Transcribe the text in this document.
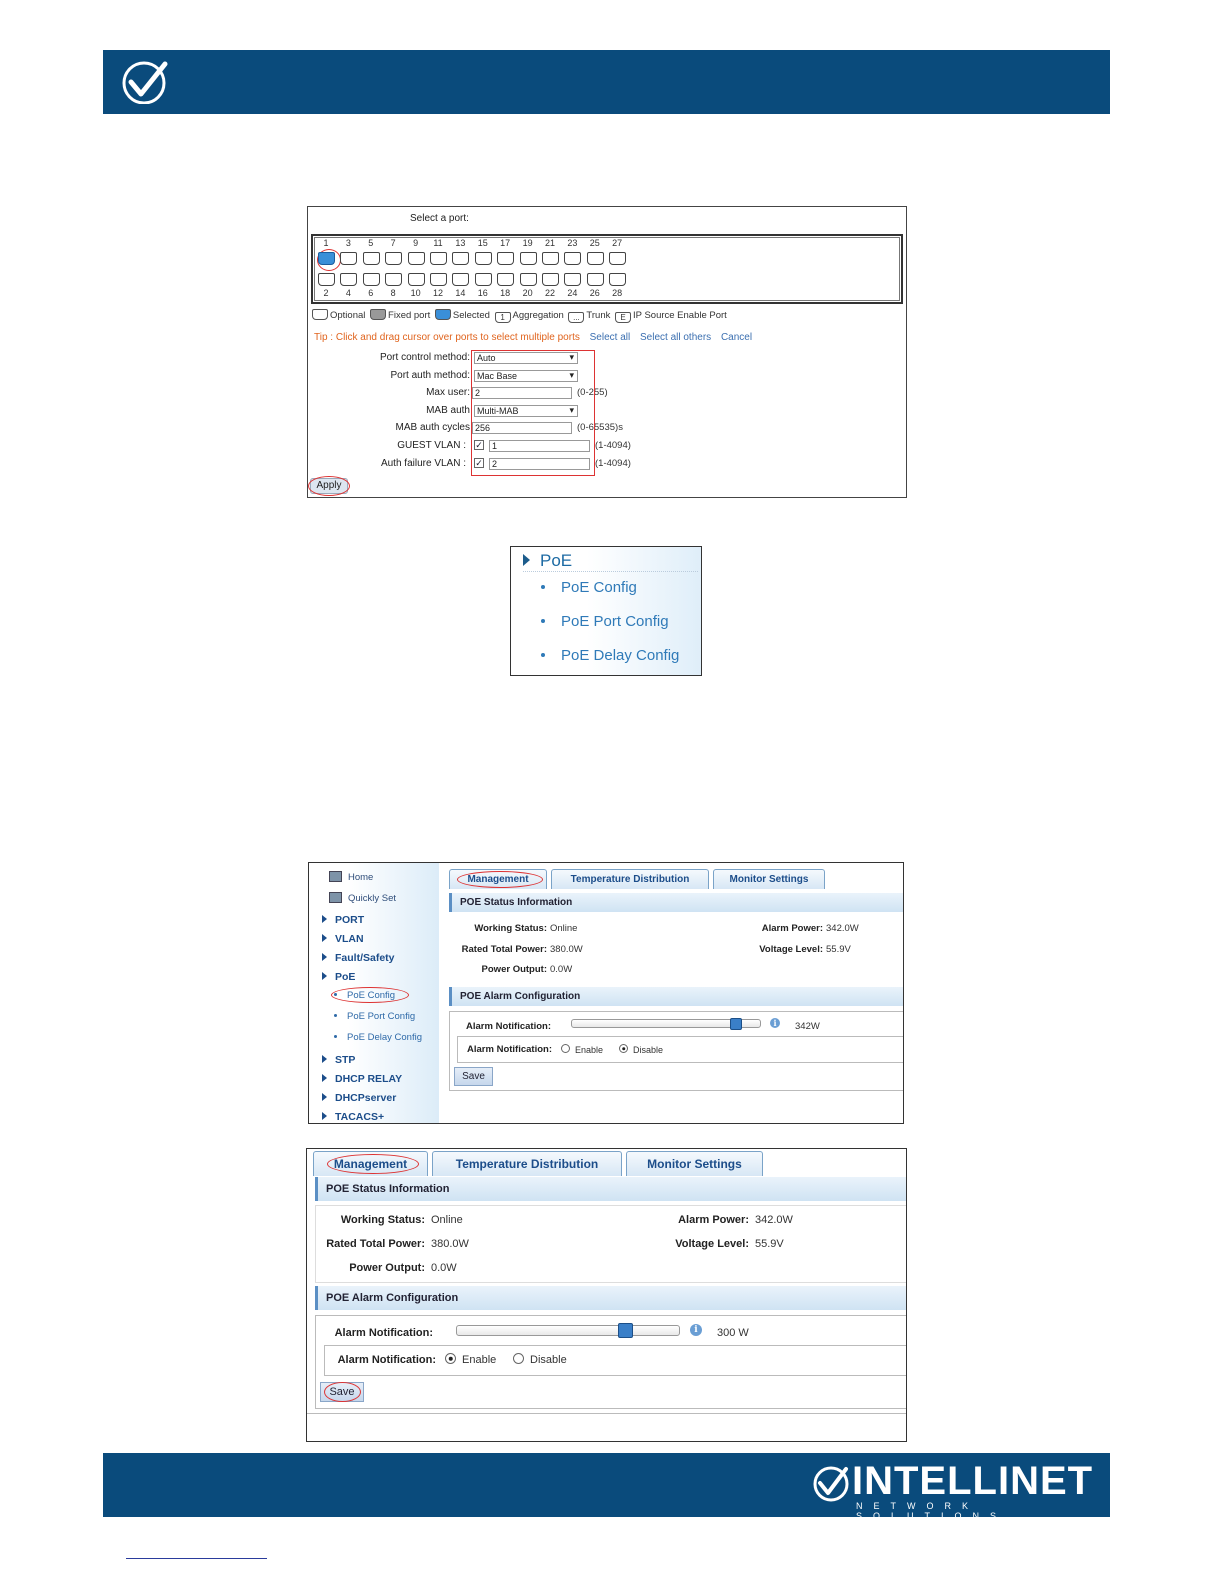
Select a port:
1	3	5	7	9	11	13	15	17	19	21	23	25	27
2	4	6	8	10	12	14	16	18	20	22	24	26	28
Optional Fixed port Selected 1 Aggregation ... Trunk E IP Source Enable Port
Tip : Click and drag cursor over ports to select multiple ports Select all Select all others Cancel
Port control method: Auto ▾
Port auth method: Mac Base ▾
Max user: 2	(0-255)
MAB auth Multi-MAB ▾
MAB auth cycles 256	(0-65535)s
GUEST VLAN : ✓	1	(1-4094)
Auth failure VLAN : ✓	2	(1-4094)
Apply
PoE
PoE Config
PoE Port Config
PoE Delay Config
Home
Quickly Set
PORT
VLAN
Fault/Safety
PoE
PoE Config
PoE Port Config
PoE Delay Config
STP
DHCP RELAY
DHCPserver
TACACS+
Management	Temperature Distribution	Monitor Settings
POE Status Information
Working Status: Online
Rated Total Power: 380.0W
Power Output: 0.0W
Alarm Power: 342.0W
Voltage Level: 55.9V
POE Alarm Configuration
Alarm Notification:	i	342W
Alarm Notification:	Enable	Disable
Save
Management	Temperature Distribution	Monitor Settings
POE Status Information
Working Status: Online
Rated Total Power: 380.0W
Power Output: 0.0W
Alarm Power: 342.0W
Voltage Level: 55.9V
POE Alarm Configuration
Alarm Notification:	i	300 W
Alarm Notification: Enable	Disable
Save
INTELLINET
NETWORK SOLUTIONS
